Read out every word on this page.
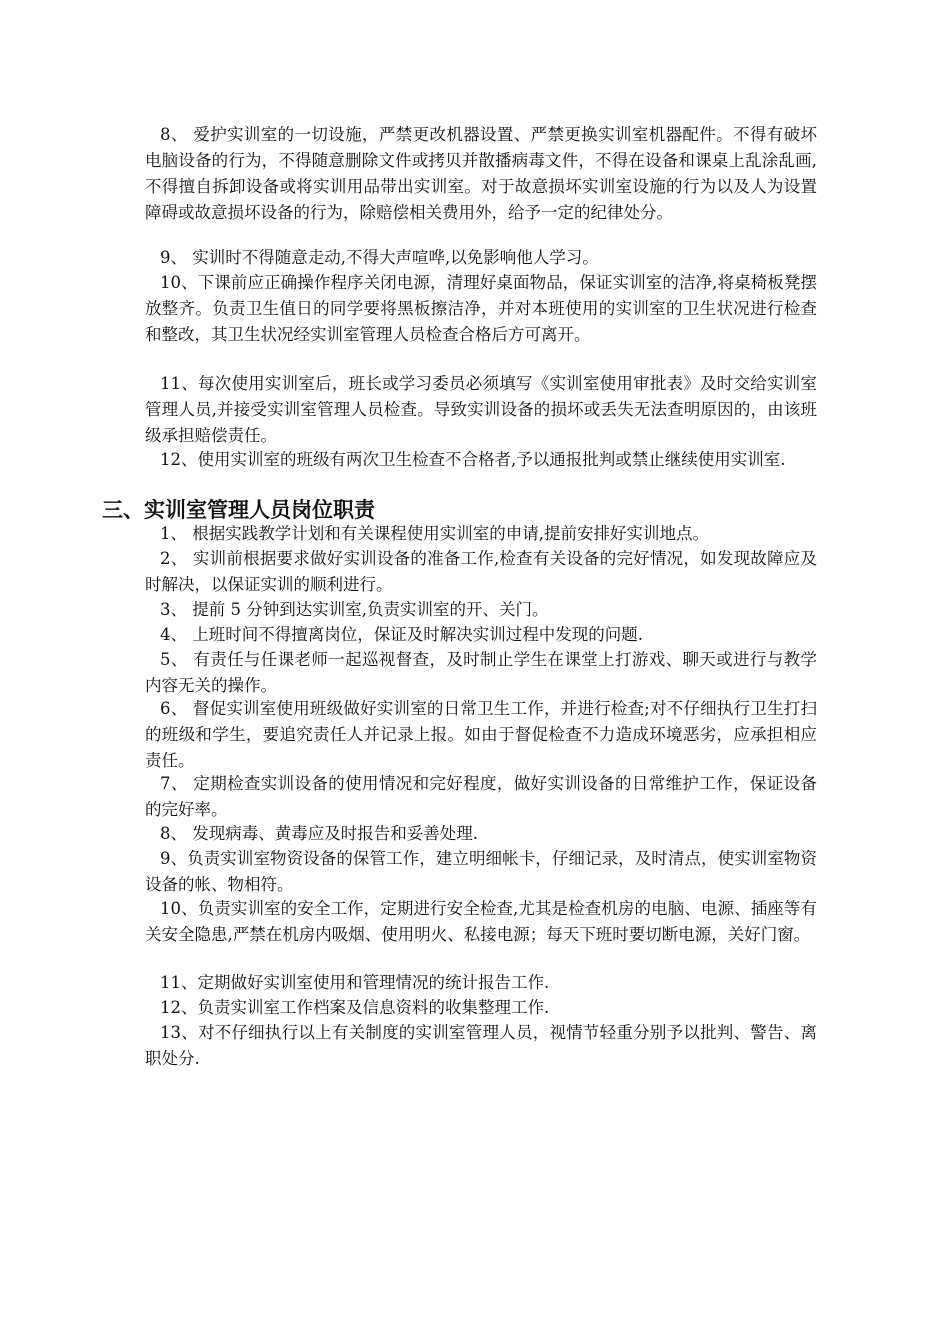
8、 爱护实训室的一切设施，严禁更改机器设置、严禁更换实训室机器配件。不得有破坏电脑设备的行为，不得随意删除文件或拷贝并散播病毒文件，不得在设备和课桌上乱涂乱画,不得擅自拆卸设备或将实训用品带出实训室。对于故意损坏实训室设施的行为以及人为设置障碍或故意损坏设备的行为，除赔偿相关费用外，给予一定的纪律处分。

9、 实训时不得随意走动,不得大声喧哗,以免影响他人学习。

10、下课前应正确操作程序关闭电源，清理好桌面物品，保证实训室的洁净,将桌椅板凳摆放整齐。负责卫生值日的同学要将黑板擦洁净，并对本班使用的实训室的卫生状况进行检查和整改，其卫生状况经实训室管理人员检查合格后方可离开。

11、每次使用实训室后，班长或学习委员必须填写《实训室使用审批表》及时交给实训室管理人员,并接受实训室管理人员检查。导致实训设备的损坏或丢失无法查明原因的，由该班级承担赔偿责任。

12、使用实训室的班级有两次卫生检查不合格者,予以通报批判或禁止继续使用实训室.

三、实训室管理人员岗位职责

1、 根据实践教学计划和有关课程使用实训室的申请,提前安排好实训地点。

2、 实训前根据要求做好实训设备的准备工作,检查有关设备的完好情况，如发现故障应及时解决，以保证实训的顺利进行。

3、 提前 5 分钟到达实训室,负责实训室的开、关门。

4、 上班时间不得擅离岗位，保证及时解决实训过程中发现的问题.

5、 有责任与任课老师一起巡视督查，及时制止学生在课堂上打游戏、聊天或进行与教学内容无关的操作。

6、 督促实训室使用班级做好实训室的日常卫生工作，并进行检查;对不仔细执行卫生打扫的班级和学生，要追究责任人并记录上报。如由于督促检查不力造成环境恶劣，应承担相应责任。

7、 定期检查实训设备的使用情况和完好程度，做好实训设备的日常维护工作，保证设备的完好率。

8、 发现病毒、黄毒应及时报告和妥善处理.

9、负责实训室物资设备的保管工作，建立明细帐卡，仔细记录，及时清点，使实训室物资设备的帐、物相符。

10、负责实训室的安全工作，定期进行安全检查,尤其是检查机房的电脑、电源、插座等有关安全隐患,严禁在机房内吸烟、使用明火、私接电源；每天下班时要切断电源，关好门窗。

11、定期做好实训室使用和管理情况的统计报告工作.

12、负责实训室工作档案及信息资料的收集整理工作.

13、对不仔细执行以上有关制度的实训室管理人员，视情节轻重分别予以批判、警告、离职处分.
